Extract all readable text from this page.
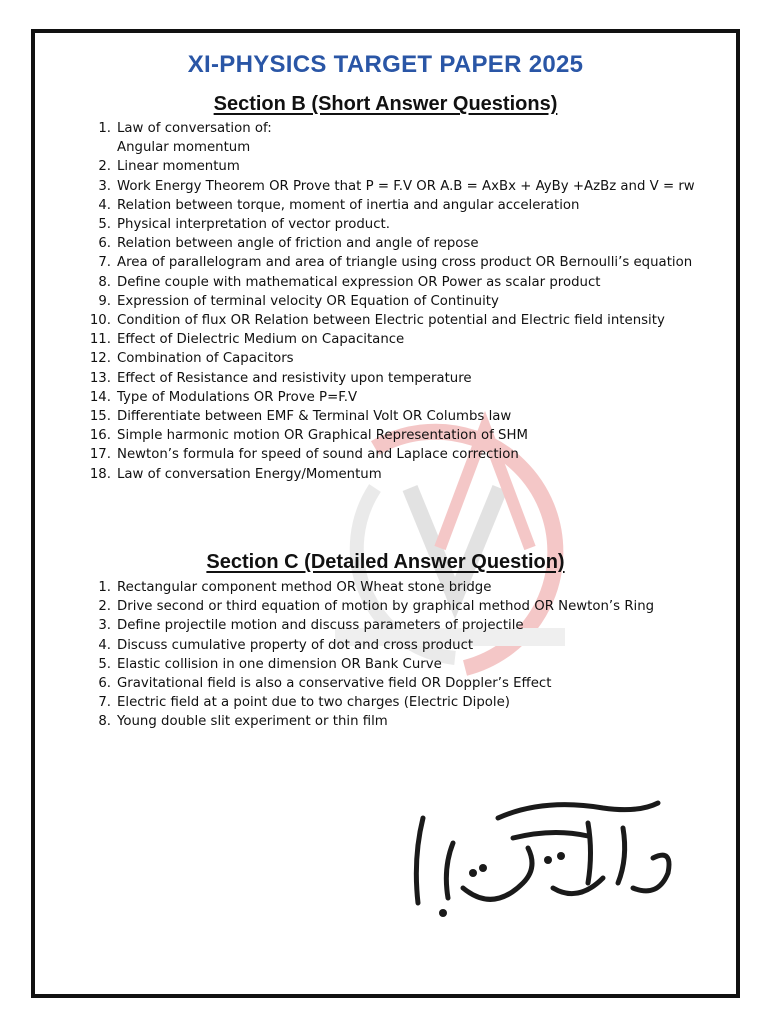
XI-PHYSICS TARGET PAPER 2025
Section B (Short Answer Questions)
1. Law of conversation of:
Angular momentum
2. Linear momentum
3. Work Energy Theorem OR Prove that P = F.V OR A.B = AxBx + AyBy +AzBz and V = rw
4. Relation between torque, moment of inertia and angular acceleration
5. Physical interpretation of vector product.
6. Relation between angle of friction and angle of repose
7. Area of parallelogram and area of triangle using cross product OR Bernoulli’s equation
8. Define couple with mathematical expression OR Power as scalar product
9. Expression of terminal velocity OR Equation of Continuity
10. Condition of flux OR Relation between Electric potential and Electric field intensity
11. Effect of Dielectric Medium on Capacitance
12. Combination of Capacitors
13. Effect of Resistance and resistivity upon temperature
14. Type of Modulations OR Prove P=F.V
15. Differentiate between EMF & Terminal Volt OR Columbs law
16. Simple harmonic motion OR Graphical Representation of SHM
17. Newton’s formula for speed of sound and Laplace correction
18. Law of conversation Energy/Momentum
Section C (Detailed Answer Question)
1. Rectangular component method OR Wheat stone bridge
2. Drive second or third equation of motion by graphical method OR Newton’s Ring
3. Define projectile motion and discuss parameters of projectile
4. Discuss cumulative property of dot and cross product
5. Elastic collision in one dimension OR Bank Curve
6. Gravitational field is also a conservative field OR Doppler’s Effect
7. Electric field at a point due to two charges (Electric Dipole)
8. Young double slit experiment or thin film
